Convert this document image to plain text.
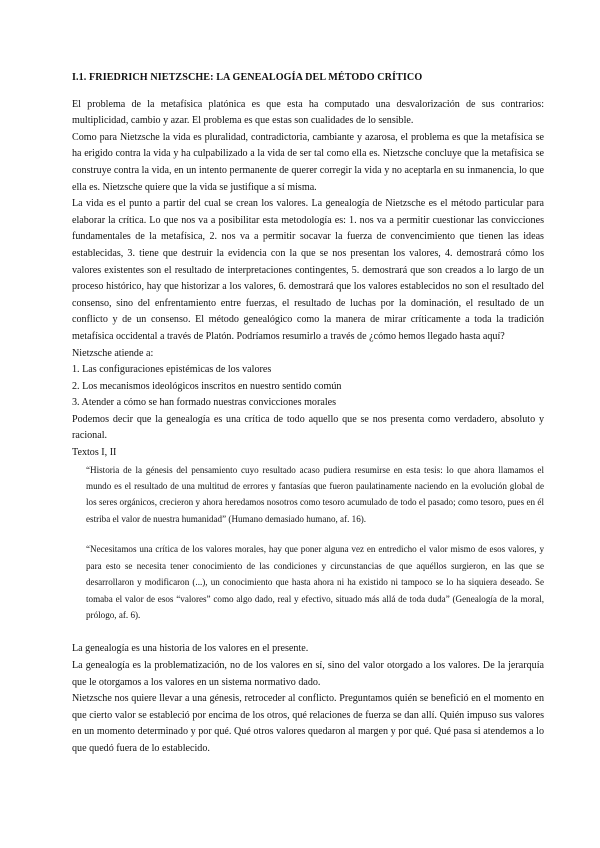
I.1. FRIEDRICH NIETZSCHE: LA GENEALOGÍA DEL MÉTODO CRÍTICO

El problema de la metafísica platónica es que esta ha computado una desvalorización de sus contrarios: multiplicidad, cambio y azar. El problema es que estas son cualidades de lo sensible.

Como para Nietzsche la vida es pluralidad, contradictoria, cambiante y azarosa, el problema es que la metafísica se ha erigido contra la vida y ha culpabilizado a la vida de ser tal como ella es. Nietzsche concluye que la metafísica se construye contra la vida, en un intento permanente de querer corregir la vida y no aceptarla en su inmanencia, lo que ella es. Nietzsche quiere que la vida se justifique a sí misma.

La vida es el punto a partir del cual se crean los valores. La genealogía de Nietzsche es el método particular para elaborar la crítica. Lo que nos va a posibilitar esta metodología es: 1. nos va a permitir cuestionar las convicciones fundamentales de la metafísica, 2. nos va a permitir socavar la fuerza de convencimiento que tienen las ideas establecidas, 3. tiene que destruir la evidencia con la que se nos presentan los valores, 4. demostrará cómo los valores existentes son el resultado de interpretaciones contingentes, 5. demostrará que son creados a lo largo de un proceso histórico, hay que historizar a los valores, 6. demostrará que los valores establecidos no son el resultado del consenso, sino del enfrentamiento entre fuerzas, el resultado de luchas por la dominación, el resultado de un conflicto y de un consenso. El método genealógico como la manera de mirar críticamente a toda la tradición metafísica occidental a través de Platón. Podríamos resumirlo a través de ¿cómo hemos llegado hasta aquí?

Nietzsche atiende a:

1. Las configuraciones epistémicas de los valores

2. Los mecanismos ideológicos inscritos en nuestro sentido común

3. Atender a cómo se han formado nuestras convicciones morales

Podemos decir que la genealogía es una crítica de todo aquello que se nos presenta como verdadero, absoluto y racional.

Textos I, II

“Historia de la génesis del pensamiento cuyo resultado acaso pudiera resumirse en esta tesis: lo que ahora llamamos el mundo es el resultado de una multitud de errores y fantasías que fueron paulatinamente naciendo en la evolución global de los seres orgánicos, crecieron y ahora heredamos nosotros como tesoro acumulado de todo el pasado; como tesoro, pues en él estriba el valor de nuestra humanidad” (Humano demasiado humano, af. 16).

“Necesitamos una crítica de los valores morales, hay que poner alguna vez en entredicho el valor mismo de esos valores, y para esto se necesita tener conocimiento de las condiciones y circunstancias de que aquéllos surgieron, en las que se desarrollaron y modificaron (...), un conocimiento que hasta ahora ni ha existido ni tampoco se lo ha siquiera deseado. Se tomaba el valor de esos “valores” como algo dado, real y efectivo, situado más allá de toda duda” (Genealogía de la moral, prólogo, af. 6).

La genealogía es una historia de los valores en el presente.

La genealogía es la problematización, no de los valores en sí, sino del valor otorgado a los valores. De la jerarquía que le otorgamos a los valores en un sistema normativo dado.

Nietzsche nos quiere llevar a una génesis, retroceder al conflicto. Preguntamos quién se benefició en el momento en que cierto valor se estableció por encima de los otros, qué relaciones de fuerza se dan allí. Quién impuso sus valores en un momento determinado y por qué. Qué otros valores quedaron al margen y por qué. Qué pasa si atendemos a lo que quedó fuera de lo establecido.
